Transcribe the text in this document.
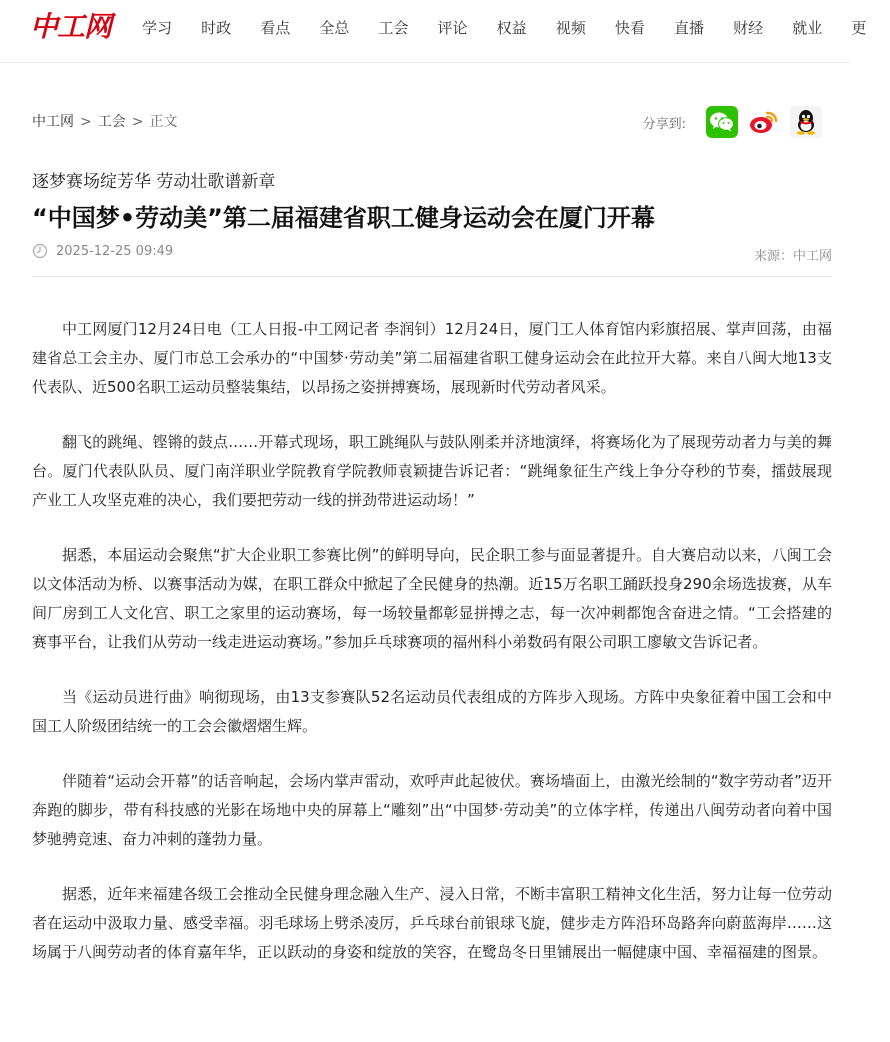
中工网 学习 时政 看点 全总 工会 评论 权益 视频 快看 直播 财经 就业 更
中工网 > 工会 > 正文	分享到:
逐梦赛场绽芳华 劳动壮歌谱新章
“中国梦•劳动美”第二届福建省职工健身运动会在厦门开幕
2025-12-25 09:49	来源：中工网

中工网厦门12月24日电（工人日报-中工网记者 李润钊）12月24日，厦门工人体育馆内彩旗招展、掌声回荡，由福建省总工会主办、厦门市总工会承办的“中国梦·劳动美”第二届福建省职工健身运动会在此拉开大幕。来自八闽大地13支代表队、近500名职工运动员整装集结，以昂扬之姿拼搏赛场，展现新时代劳动者风采。

翻飞的跳绳、铿锵的鼓点……开幕式现场，职工跳绳队与鼓队刚柔并济地演绎，将赛场化为了展现劳动者力与美的舞台。厦门代表队队员、厦门南洋职业学院教育学院教师袁颖捷告诉记者：“跳绳象征生产线上争分夺秒的节奏，擂鼓展现产业工人攻坚克难的决心，我们要把劳动一线的拼劲带进运动场！”

据悉，本届运动会聚焦“扩大企业职工参赛比例”的鲜明导向，民企职工参与面显著提升。自大赛启动以来，八闽工会以文体活动为桥、以赛事活动为媒，在职工群众中掀起了全民健身的热潮。近15万名职工踊跃投身290余场选拔赛，从车间厂房到工人文化宫、职工之家里的运动赛场，每一场较量都彰显拼搏之志，每一次冲刺都饱含奋进之情。“工会搭建的赛事平台，让我们从劳动一线走进运动赛场。”参加乒乓球赛项的福州科小弟数码有限公司职工廖敏文告诉记者。

当《运动员进行曲》响彻现场，由13支参赛队52名运动员代表组成的方阵步入现场。方阵中央象征着中国工会和中国工人阶级团结统一的工会会徽熠熠生辉。

伴随着“运动会开幕”的话音响起，会场内掌声雷动，欢呼声此起彼伏。赛场墙面上，由激光绘制的“数字劳动者”迈开奔跑的脚步，带有科技感的光影在场地中央的屏幕上“雕刻”出“中国梦·劳动美”的立体字样，传递出八闽劳动者向着中国梦驰骋竞速、奋力冲刺的蓬勃力量。

据悉，近年来福建各级工会推动全民健身理念融入生产、浸入日常，不断丰富职工精神文化生活，努力让每一位劳动者在运动中汲取力量、感受幸福。羽毛球场上劈杀凌厉，乒乓球台前银球飞旋，健步走方阵沿环岛路奔向蔚蓝海岸……这场属于八闽劳动者的体育嘉年华，正以跃动的身姿和绽放的笑容，在鹭岛冬日里铺展出一幅健康中国、幸福福建的图景。
